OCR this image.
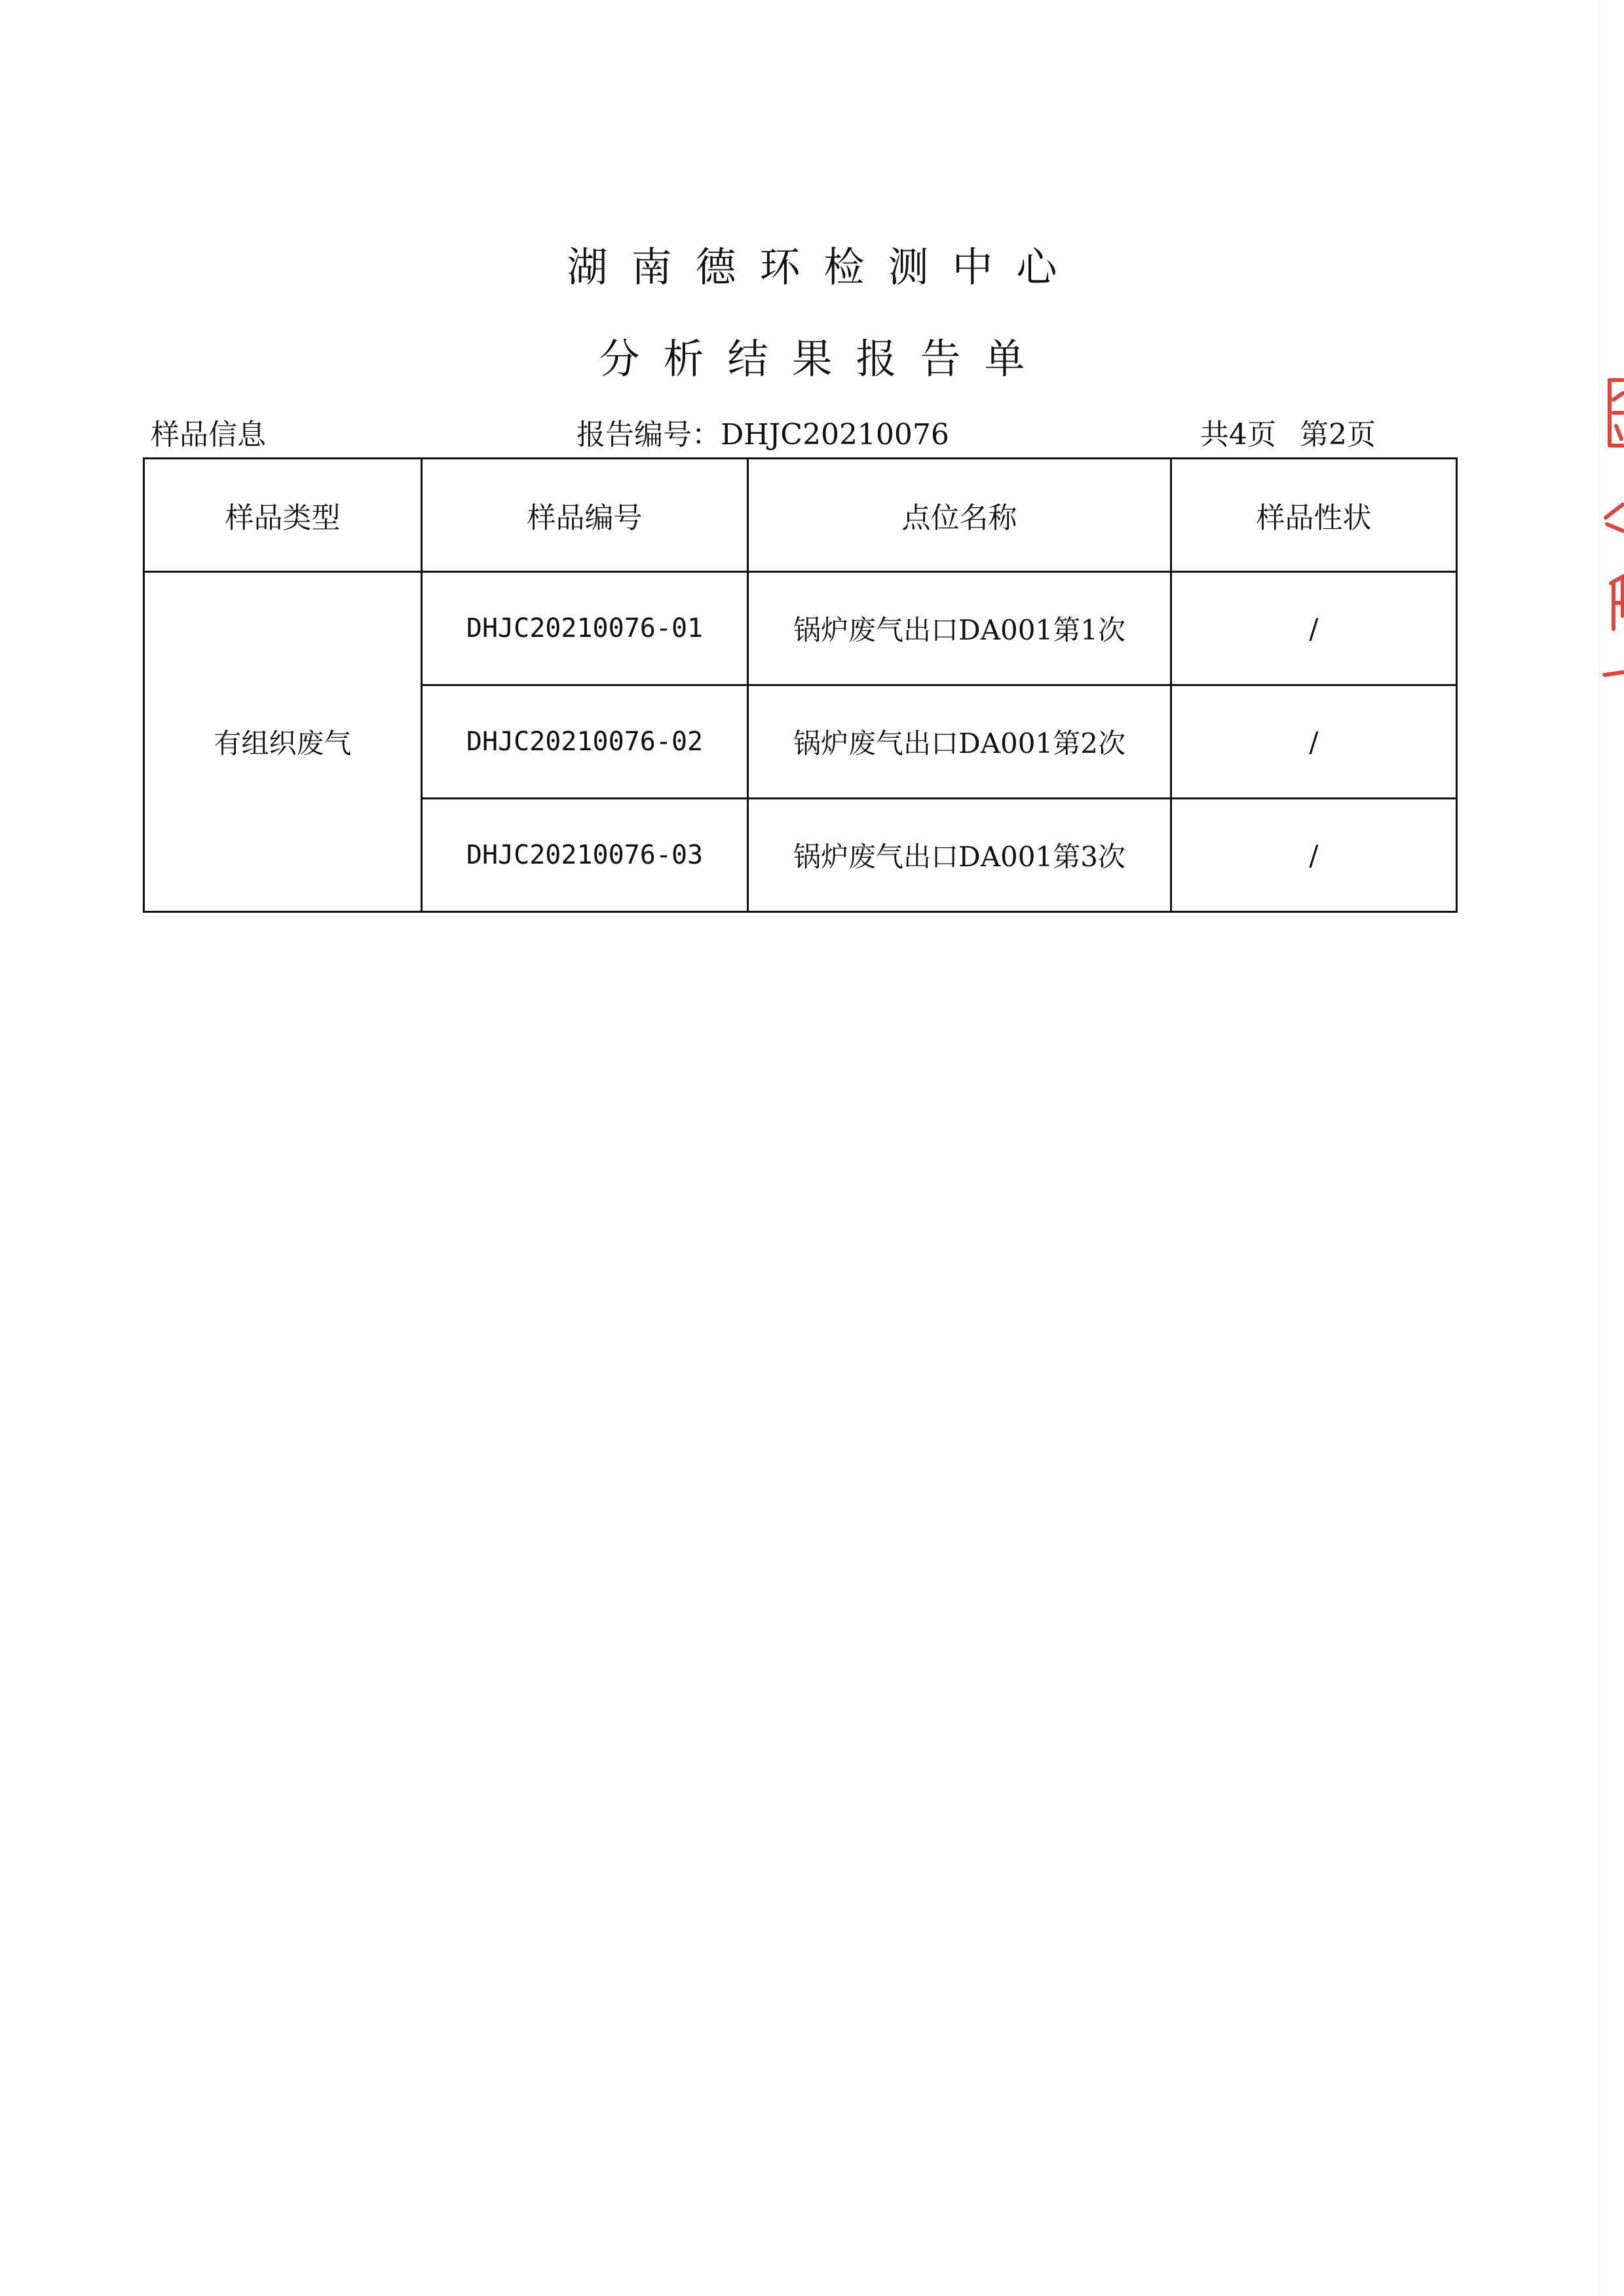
湖南德环检测中心
分析结果报告单
样品信息	报告编号：DHJC20210076	共4页 第2页
样品类型	样品编号	点位名称	样品性状
有组织废气	DHJC20210076-01	锅炉废气出口DA001第1次	/
	DHJC20210076-02	锅炉废气出口DA001第2次	/
	DHJC20210076-03	锅炉废气出口DA001第3次	/
